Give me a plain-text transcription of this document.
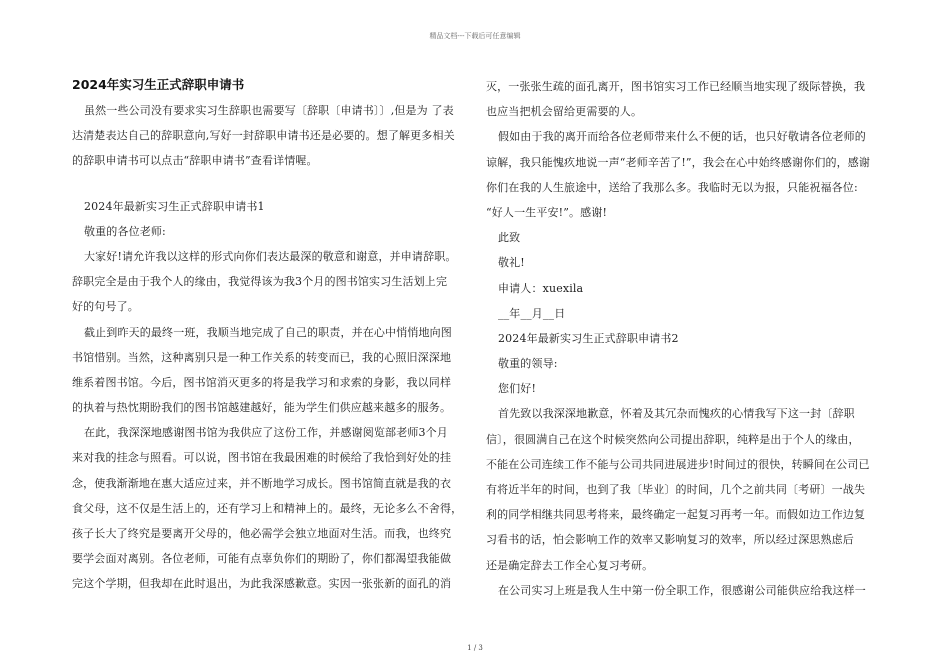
精品文档---下载后可任意编辑
2024年实习生正式辞职申请书
虽然一些公司没有要求实习生辞职也需要写〔辞职〔申请书〕〕,但是为 了表
达清楚表达自己的辞职意向,写好一封辞职申请书还是必要的。想了解更多相关
的辞职申请书可以点击“辞职申请书”查看详情喔。
2024年最新实习生正式辞职申请书1
敬重的各位老师:
大家好!请允许我以这样的形式向你们表达最深的敬意和谢意，并申请辞职。
辞职完全是由于我个人的缘由，我觉得该为我3个月的图书馆实习生活划上完
好的句号了。
截止到昨天的最终一班，我顺当地完成了自己的职责，并在心中悄悄地向图
书馆惜别。当然，这种离别只是一种工作关系的转变而已，我的心照旧深深地
维系着图书馆。今后，图书馆消灭更多的将是我学习和求索的身影，我以同样
的执着与热忱期盼我们的图书馆越建越好，能为学生们供应越来越多的服务。
在此，我深深地感谢图书馆为我供应了这份工作，并感谢阅览部老师3个月
来对我的挂念与照看。可以说，图书馆在我最困难的时候给了我恰到好处的挂
念，使我渐渐地在惠大适应过来，并不断地学习成长。图书馆简直就是我的衣
食父母，这不仅是生活上的，还有学习上和精神上的。最终，无论多么不舍得，
孩子长大了终究是要离开父母的，他必需学会独立地面对生活。而我，也终究
要学会面对离别。各位老师，可能有点辜负你们的期盼了，你们都渴望我能做
完这个学期，但我却在此时退出，为此我深感歉意。实因一张张新的面孔的消
灭，一张张生疏的面孔离开，图书馆实习工作已经顺当地实现了级际替换，我
也应当把机会留给更需要的人。
假如由于我的离开而给各位老师带来什么不便的话，也只好敬请各位老师的
谅解，我只能愧疚地说一声“老师辛苦了!”，我会在心中始终感谢你们的，感谢
你们在我的人生旅途中，送给了我那么多。我临时无以为报，只能祝福各位:
“好人一生平安!”。感谢!
此致
敬礼!
申请人：xuexila
__年__月__日
2024年最新实习生正式辞职申请书2
敬重的领导:
您们好!
首先致以我深深地歉意，怀着及其冗杂而愧疚的心情我写下这一封〔辞职
信〕，很圆满自己在这个时候突然向公司提出辞职，纯粹是出于个人的缘由，
不能在公司连续工作不能与公司共同进展进步!时间过的很快，转瞬间在公司已
有将近半年的时间，也到了我〔毕业〕的时间，几个之前共同〔考研〕一战失
利的同学相继共同思考将来，最终确定一起复习再考一年。而假如边工作边复
习看书的话，怕会影响工作的效率又影响复习的效率，所以经过深思熟虑后
还是确定辞去工作全心复习考研。
在公司实习上班是我人生中第一份全职工作，很感谢公司能供应给我这样一
1 / 3
